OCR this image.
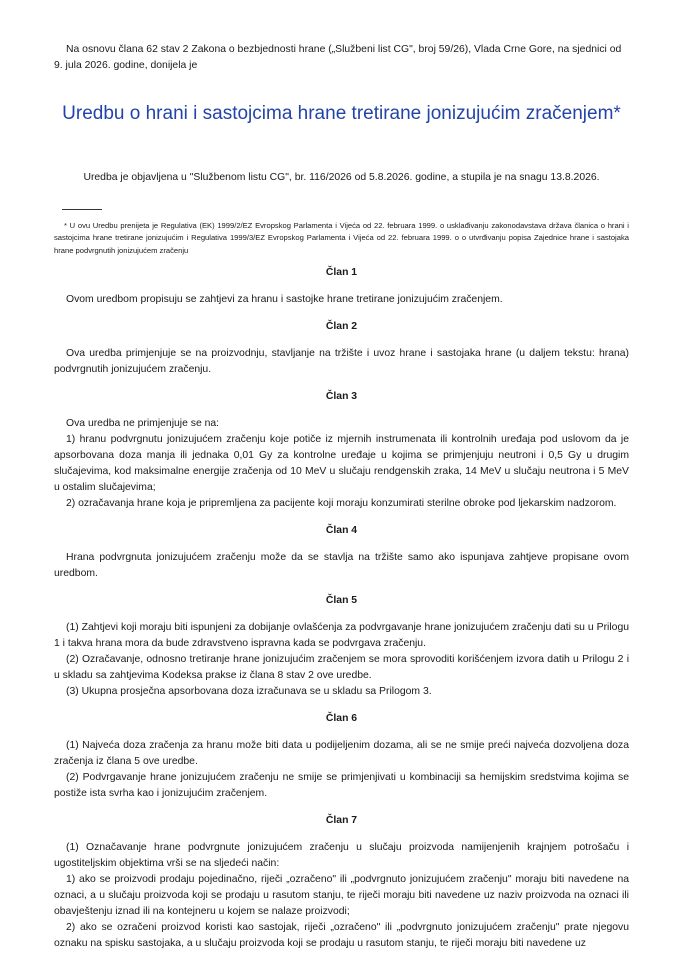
Na osnovu člana 62 stav 2 Zakona o bezbjednosti hrane („Službeni list CG", broj 59/26), Vlada Crne Gore, na sjednici od 9. jula 2026. godine, donijela je

Uredbu o hrani i sastojcima hrane tretirane jonizujućim zračenjem*

Uredba je objavljena u "Službenom listu CG", br. 116/2026 od 5.8.2026. godine, a stupila je na snagu 13.8.2026.

* U ovu Uredbu prenijeta je Regulativa (EK) 1999/2/EZ Evropskog Parlamenta i Vijeća od 22. februara 1999. o usklađivanju zakonodavstava država članica o hrani i sastojcima hrane tretirane jonizujućim i Regulativa 1999/3/EZ Evropskog Parlamenta i Vijeća od 22. februara 1999. o o utvrđivanju popisa Zajednice hrane i sastojaka hrane podvrgnutih jonizujućem zračenju

Član 1

Ovom uredbom propisuju se zahtjevi za hranu i sastojke hrane tretirane jonizujućim zračenjem.

Član 2

Ova uredba primjenjuje se na proizvodnju, stavljanje na tržište i uvoz hrane i sastojaka hrane (u daljem tekstu: hrana) podvrgnutih jonizujućem zračenju.

Član 3

Ova uredba ne primjenjuje se na:

1) hranu podvrgnutu jonizujućem zračenju koje potiče iz mjernih instrumenata ili kontrolnih uređaja pod uslovom da je apsorbovana doza manja ili jednaka 0,01 Gy za kontrolne uređaje u kojima se primjenjuju neutroni i 0,5 Gy u drugim slučajevima, kod maksimalne energije zračenja od 10 MeV u slučaju rendgenskih zraka, 14 MeV u slučaju neutrona i 5 MeV u ostalim slučajevima;

2) ozračavanja hrane koja je pripremljena za pacijente koji moraju konzumirati sterilne obroke pod ljekarskim nadzorom.

Član 4

Hrana podvrgnuta jonizujućem zračenju može da se stavlja na tržište samo ako ispunjava zahtjeve propisane ovom uredbom.

Član 5

(1) Zahtjevi koji moraju biti ispunjeni za dobijanje ovlašćenja za podvrgavanje hrane jonizujućem zračenju dati su u Prilogu 1 i takva hrana mora da bude zdravstveno ispravna kada se podvrgava zračenju.

(2) Ozračavanje, odnosno tretiranje hrane jonizujućim zračenjem se mora sprovoditi korišćenjem izvora datih u Prilogu 2 i u skladu sa zahtjevima Kodeksa prakse iz člana 8 stav 2 ove uredbe.

(3) Ukupna prosječna apsorbovana doza izračunava se u skladu sa Prilogom 3.

Član 6

(1) Najveća doza zračenja za hranu može biti data u podijeljenim dozama, ali se ne smije preći najveća dozvoljena doza zračenja iz člana 5 ove uredbe.

(2) Podvrgavanje hrane jonizujućem zračenju ne smije se primjenjivati u kombinaciji sa hemijskim sredstvima kojima se postiže ista svrha kao i jonizujućim zračenjem.

Član 7

(1) Označavanje hrane podvrgnute jonizujućem zračenju u slučaju proizvoda namijenjenih krajnjem potrošaču i ugostiteljskim objektima vrši se na sljedeći način:

1) ako se proizvodi prodaju pojedinačno, riječi „ozračeno" ili „podvrgnuto jonizujućem zračenju" moraju biti navedene na oznaci, a u slučaju proizvoda koji se prodaju u rasutom stanju, te riječi moraju biti navedene uz naziv proizvoda na oznaci ili obavještenju iznad ili na kontejneru u kojem se nalaze proizvodi;

2) ako se ozračeni proizvod koristi kao sastojak, riječi „ozračeno" ili „podvrgnuto jonizujućem zračenju" prate njegovu oznaku na spisku sastojaka, a u slučaju proizvoda koji se prodaju u rasutom stanju, te riječi moraju biti navedene uz
